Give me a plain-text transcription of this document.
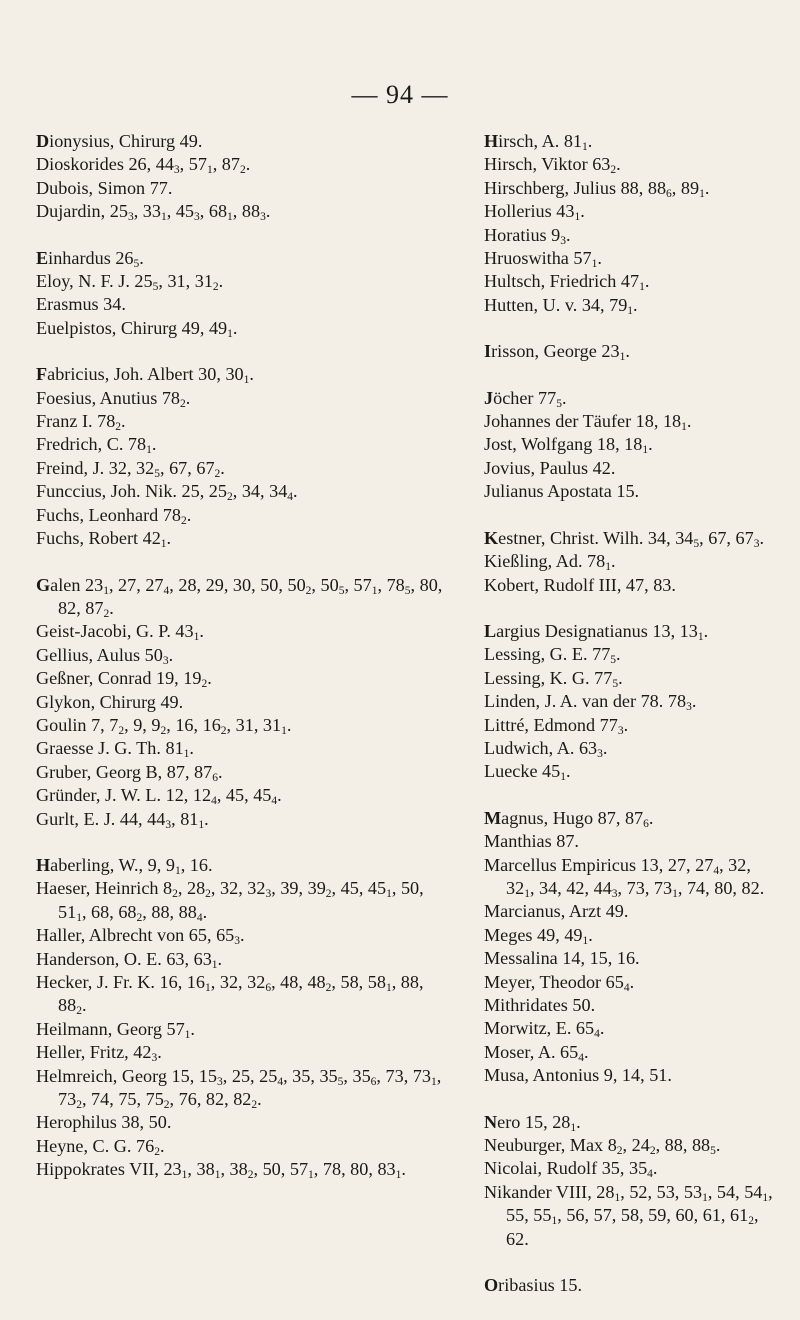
— 94 —
Dionysius, Chirurg 49.
Dioskorides 26, $44_3$, $57_1$, $87_2$.
Dubois, Simon 77.
Dujardin, $25_3$, $33_1$, $45_3$, $68_1$, $88_3$.
Einhardus $26_5$.
Eloy, N. F. J. $25_5$, 31, $31_2$.
Erasmus 34.
Euelpistos, Chirurg 49, $49_1$.
Fabricius, Joh. Albert 30, $30_1$.
Foesius, Anutius $78_2$.
Franz I. $78_2$.
Fredrich, C. $78_1$.
Freind, J. 32, $32_5$, 67, $67_2$.
Funccius, Joh. Nik. 25, $25_2$, 34, $34_4$.
Fuchs, Leonhard $78_2$.
Fuchs, Robert $42_1$.
Galen $23_1$, 27, $27_4$, 28, 29, 30, 50, $50_2$, $50_5$, $57_1$, $78_5$, 80, 82, $87_2$.
Geist-Jacobi, G. P. $43_1$.
Gellius, Aulus $50_3$.
Geßner, Conrad 19, $19_2$.
Glykon, Chirurg 49.
Goulin 7, $7_2$, 9, $9_2$, 16, $16_2$, 31, $31_1$.
Graesse J. G. Th. $81_1$.
Gruber, Georg B, 87, $87_6$.
Gründer, J. W. L. 12, $12_4$, 45, $45_4$.
Gurlt, E. J. 44, $44_3$, $81_1$.
Haberling, W., 9, $9_1$, 16.
Haeser, Heinrich $8_2$, $28_2$, 32, $32_3$, 39, $39_2$, 45, $45_1$, 50, $51_1$, 68, $68_2$, 88, $88_4$.
Haller, Albrecht von 65, $65_3$.
Handerson, O. E. 63, $63_1$.
Hecker, J. Fr. K. 16, $16_1$, 32, $32_6$, 48, $48_2$, 58, $58_1$, 88, $88_2$.
Heilmann, Georg $57_1$.
Heller, Fritz, $42_3$.
Helmreich, Georg 15, $15_3$, 25, $25_4$, 35, $35_5$, $35_6$, 73, $73_1$, $73_2$, 74, 75, $75_2$, 76, 82, $82_2$.
Herophilus 38, 50.
Heyne, C. G. $76_2$.
Hippokrates VII, $23_1$, $38_1$, $38_2$, 50, $57_1$, 78, 80, $83_1$.
Hirsch, A. $81_1$.
Hirsch, Viktor $63_2$.
Hirschberg, Julius 88, $88_6$, $89_1$.
Hollerius $43_1$.
Horatius $9_3$.
Hruoswitha $57_1$.
Hultsch, Friedrich $47_1$.
Hutten, U. v. 34, $79_1$.
Irisson, George $23_1$.
Jöcher $77_5$.
Johannes der Täufer 18, $18_1$.
Jost, Wolfgang 18, $18_1$.
Jovius, Paulus 42.
Julianus Apostata 15.
Kestner, Christ. Wilh. 34, $34_5$, 67, $67_3$.
Kießling, Ad. $78_1$.
Kobert, Rudolf III, 47, 83.
Largius Designatianus 13, $13_1$.
Lessing, G. E. $77_5$.
Lessing, K. G. $77_5$.
Linden, J. A. van der 78. $78_3$.
Littré, Edmond $77_3$.
Ludwich, A. $63_3$.
Luecke $45_1$.
Magnus, Hugo 87, $87_6$.
Manthias 87.
Marcellus Empiricus 13, 27, $27_4$, 32, $32_1$, 34, 42, $44_3$, 73, $73_1$, 74, 80, 82.
Marcianus, Arzt 49.
Meges 49, $49_1$.
Messalina 14, 15, 16.
Meyer, Theodor $65_4$.
Mithridates 50.
Morwitz, E. $65_4$.
Moser, A. $65_4$.
Musa, Antonius 9, 14, 51.
Nero 15, $28_1$.
Neuburger, Max $8_2$, $24_2$, 88, $88_5$.
Nicolai, Rudolf 35, $35_4$.
Nikander VIII, $28_1$, 52, 53, $53_1$, 54, $54_1$, 55, $55_1$, 56, 57, 58, 59, 60, 61, $61_2$, 62.
Oribasius 15.
